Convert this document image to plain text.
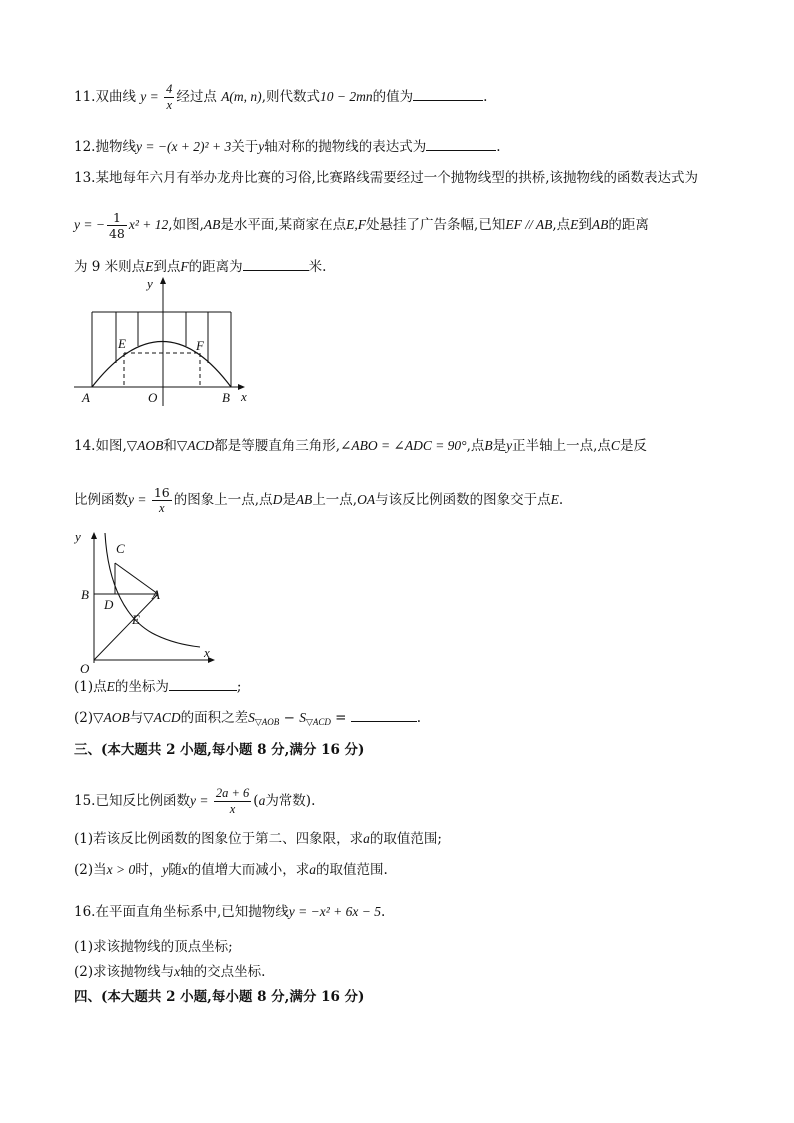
11.双曲线 $y = \frac{4}{x}$ 经过点 A(m, n),则代数式10 − 2mn的值为	.
12.抛物线y = −(x + 2)² + 3关于y轴对称的抛物线的表达式为	.
13.某地每年六月有举办龙舟比赛的习俗,比赛路线需要经过一个抛物线型的拱桥,该抛物线的函数表达式为
y = − $\frac{1}{48} x^2 + 12$,如图,AB是水平面,某商家在点E,F处悬挂了广告条幅,已知EF // AB,点E到AB的距离
为 9 米则点E到点F的距离为	米.
y
x
A	O	B
E	F
14.如图,▽AOB和▽ACD都是等腰直角三角形,∠ABO = ∠ADC = 90°,点B是y正半轴上一点,点C是反
比例函数$y = \frac{16}{x}$ 的图象上一点,点D是AB上一点,OA与该反比例函数的图象交于点E.
y
x
C
B
D
A
E
O
(1)点E的坐标为	;
(2)▽AOB与▽ACD的面积之差$S_{▽AOB} - S_{▽ACD}$ =	.
三、(本大题共 2 小题,每小题 8 分,满分 16 分)
15.已知反比例函数$y = \frac{2a + 6}{x} (a$为常数).
(1)若该反比例函数的图象位于第二、四象限，求a的取值范围;
(2)当x > 0时，y随x的值增大而减小，求a的取值范围.
16.在平面直角坐标系中,已知抛物线y = −x² + 6x − 5.
(1)求该抛物线的顶点坐标;
(2)求该抛物线与x轴的交点坐标.
四、(本大题共 2 小题,每小题 8 分,满分 16 分)
